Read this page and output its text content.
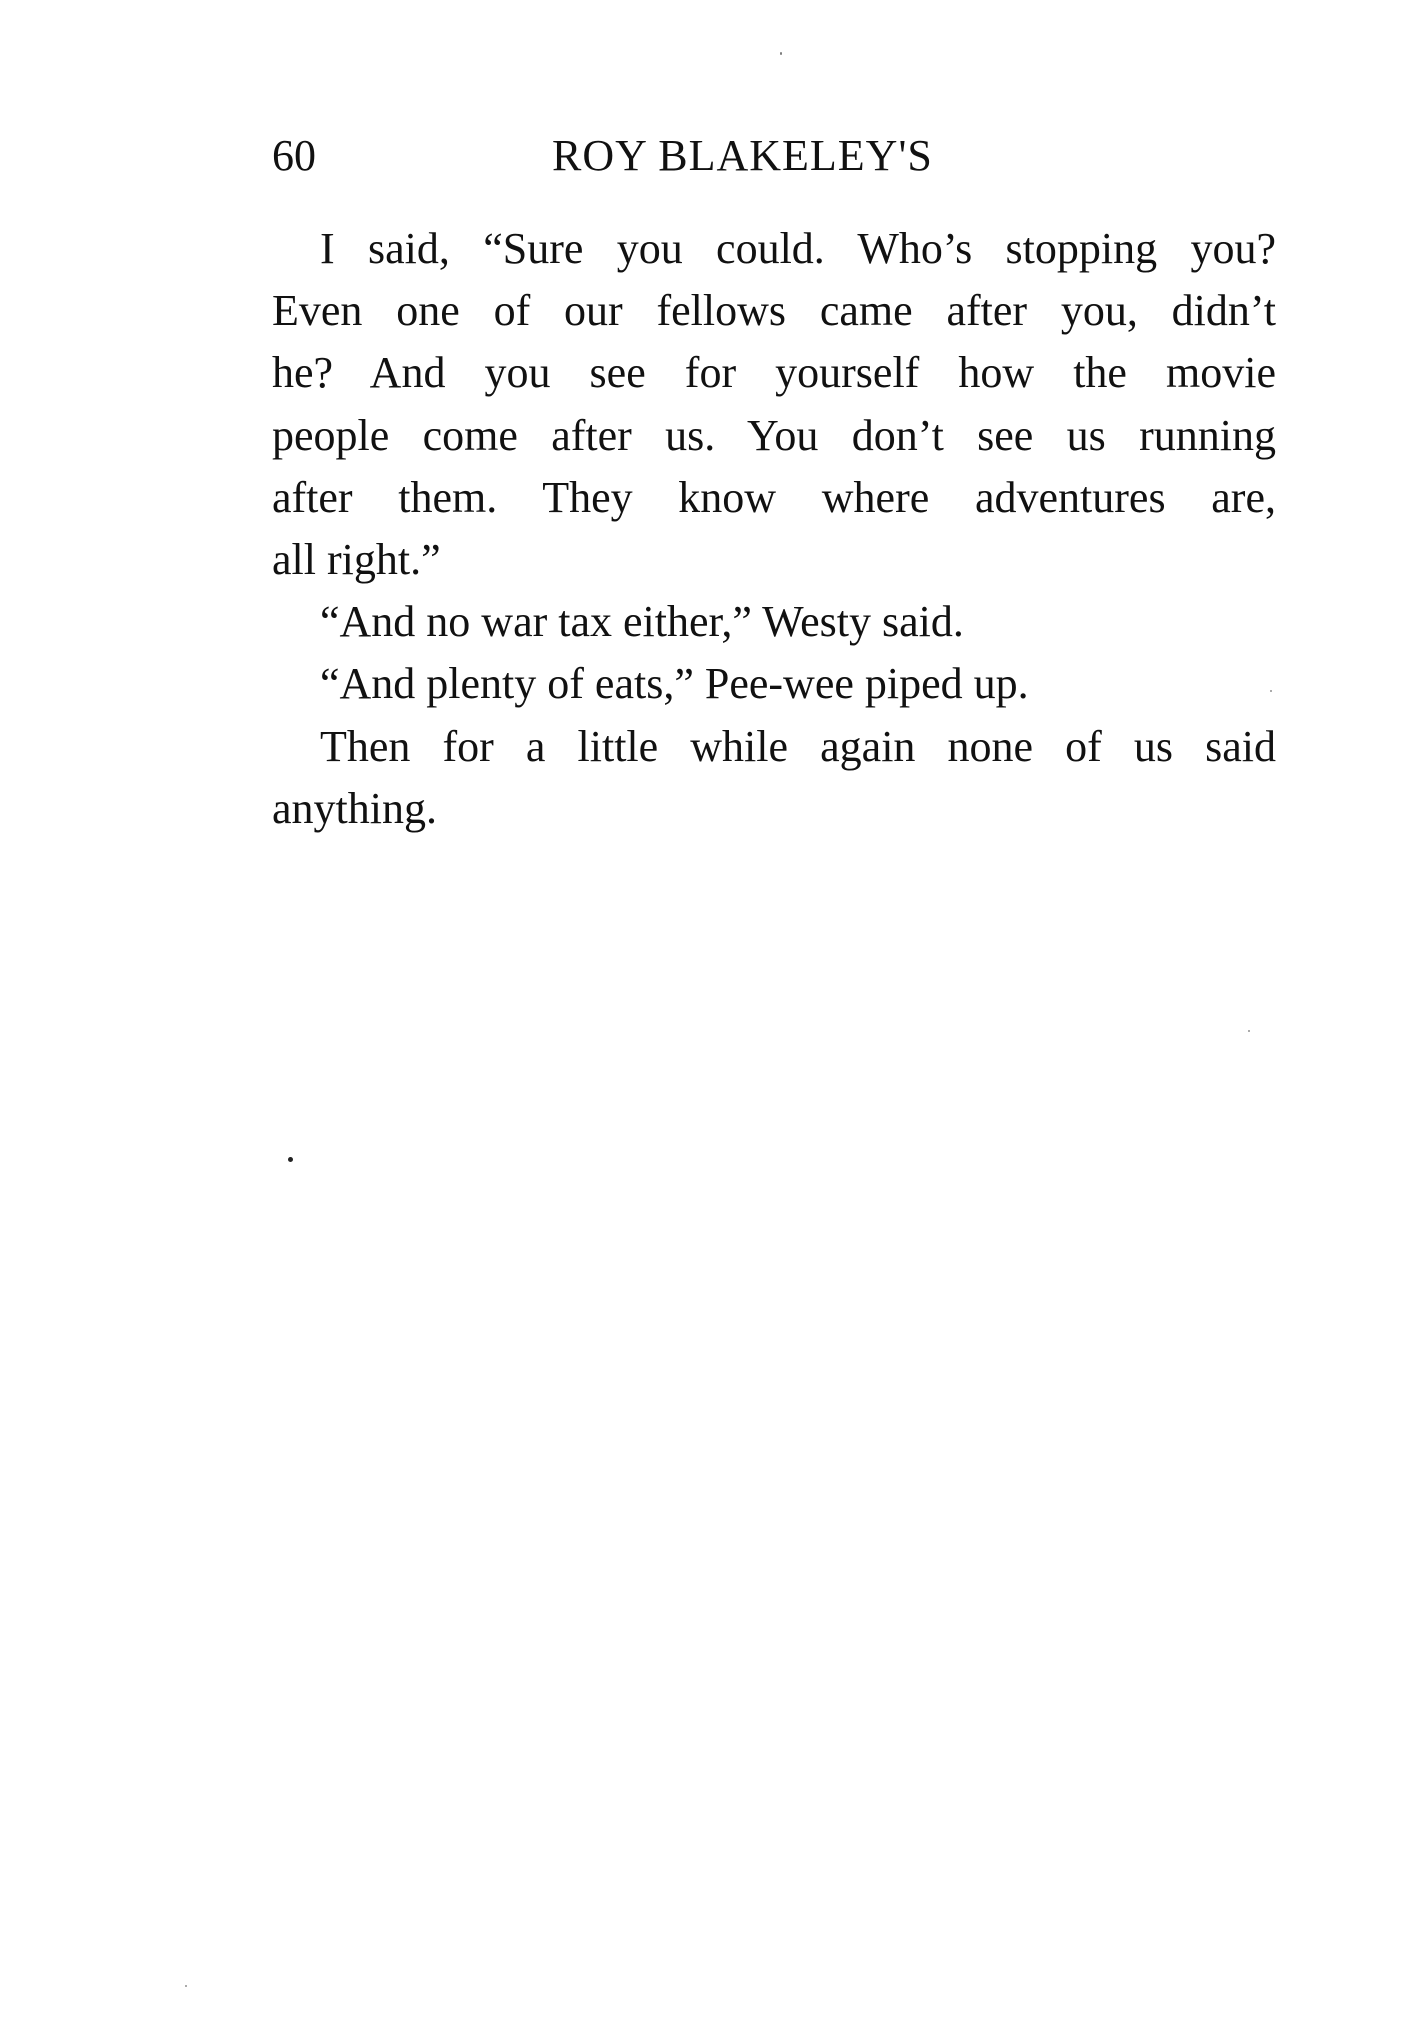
60	ROY BLAKELEY'S
I said, “Sure you could. Who’s stopping you?
Even one of our fellows came after you, didn’t
he? And you see for yourself how the movie
people come after us. You don’t see us running
after them. They know where adventures are,
all right.”
“And no war tax either,” Westy said.
“And plenty of eats,” Pee-wee piped up.
Then for a little while again none of us said
anything.
